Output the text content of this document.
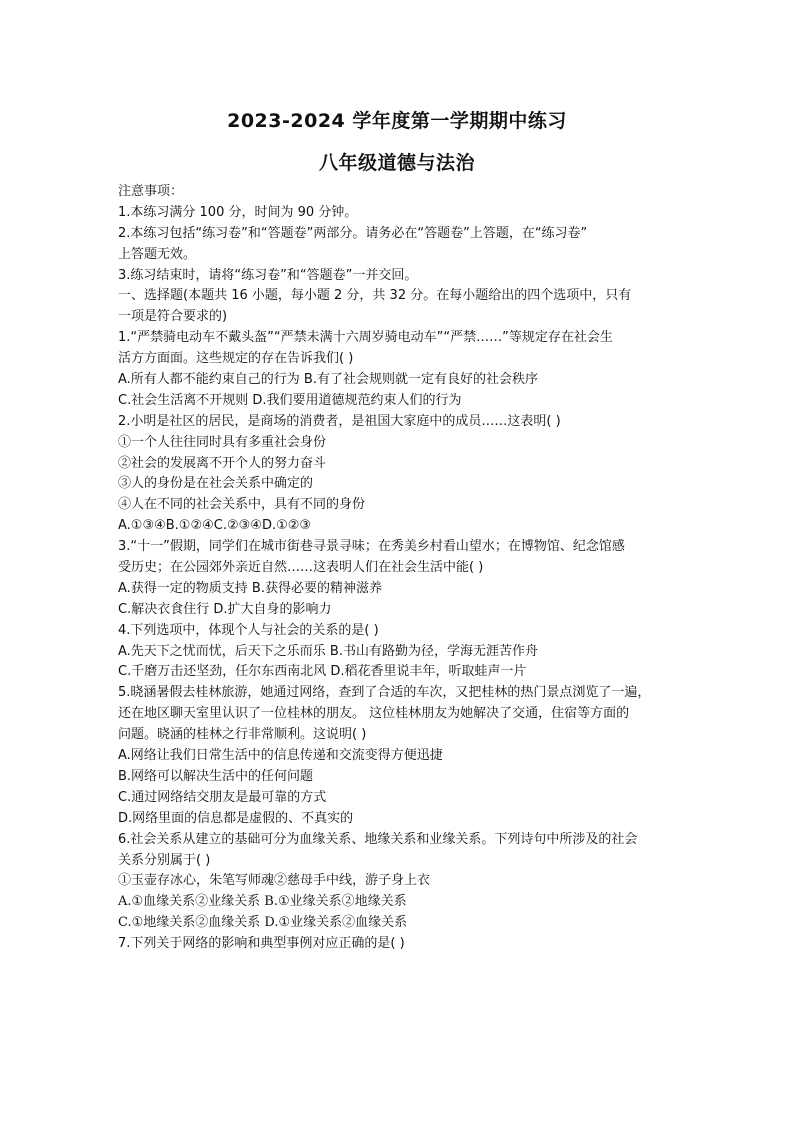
2023-2024 学年度第一学期期中练习
八年级道德与法治
注意事项：
1.本练习满分 100 分，时间为 90 分钟。
2.本练习包括“练习卷”和“答题卷”两部分。请务必在“答题卷”上答题，在“练习卷”
上答题无效。
3.练习结束时，请将“练习卷”和“答题卷”一并交回。
一、选择题(本题共 16 小题，每小题 2 分，共 32 分。在每小题给出的四个选项中，只有
一项是符合要求的)
1.“严禁骑电动车不戴头盔”“严禁未满十六周岁骑电动车”“严禁……”等规定存在社会生
活方方面面。这些规定的存在告诉我们( )
A.所有人都不能约束自己的行为 B.有了社会规则就一定有良好的社会秩序
C.社会生活离不开规则 D.我们要用道德规范约束人们的行为
2.小明是社区的居民，是商场的消费者，是祖国大家庭中的成员……这表明( )
①一个人往往同时具有多重社会身份
②社会的发展离不开个人的努力奋斗
③人的身份是在社会关系中确定的
④人在不同的社会关系中，具有不同的身份
A.①③④B.①②④C.②③④D.①②③
3.“十一”假期，同学们在城市街巷寻景寻味；在秀美乡村看山望水；在博物馆、纪念馆感
受历史；在公园郊外亲近自然……这表明人们在社会生活中能( )
A.获得一定的物质支持 B.获得必要的精神滋养
C.解决衣食住行 D.扩大自身的影响力
4.下列选项中，体现个人与社会的关系的是( )
A.先天下之忧而忧，后天下之乐而乐 B.书山有路勤为径，学海无涯苦作舟
C.千磨万击还坚劲，任尔东西南北风 D.稻花香里说丰年，听取蛙声一片
5.晓涵暑假去桂林旅游，她通过网络，查到了合适的车次，又把桂林的热门景点浏览了一遍，
还在地区聊天室里认识了一位桂林的朋友。 这位桂林朋友为她解决了交通，住宿等方面的
问题。晓涵的桂林之行非常顺利。这说明( )
A.网络让我们日常生活中的信息传递和交流变得方便迅捷
B.网络可以解决生活中的任何问题
C.通过网络结交朋友是最可靠的方式
D.网络里面的信息都是虚假的、不真实的
6.社会关系从建立的基础可分为血缘关系、地缘关系和业缘关系。下列诗句中所涉及的社会
关系分别属于( )
①玉壶存冰心，朱笔写师魂②慈母手中线，游子身上衣
A.①血缘关系②业缘关系 B.①业缘关系②地缘关系
C.①地缘关系②血缘关系 D.①业缘关系②血缘关系
7.下列关于网络的影响和典型事例对应正确的是( )
